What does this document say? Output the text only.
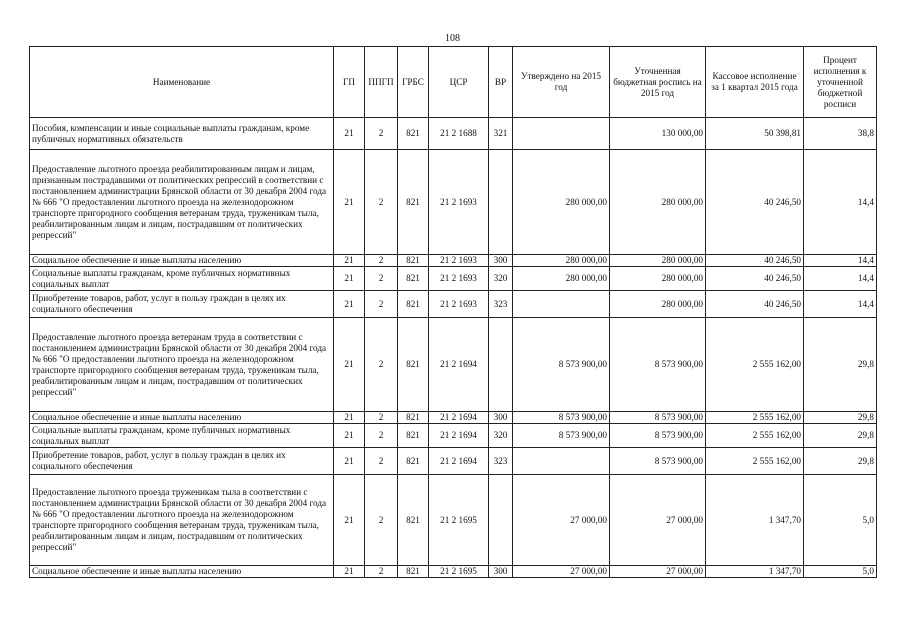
108
Наименование	ГП	ППГП	ГРБС	ЦСР	ВР	Утверждено на 2015 год	Уточненная бюджетная роспись на 2015 год	Кассовое исполнение за 1 квартал 2015 года	Процент исполнения к уточненной бюджетной росписи
Пособия, компенсации и иные социальные выплаты гражданам, кроме публичных нормативных обязательств	21	2	821	21 2 1688	321		130 000,00	50 398,81	38,8
Предоставление льготного проезда реабилитированным лицам и лицам, признанным пострадавшими от политических репрессий в соответствии с постановлением администрации Брянской области от 30 декабря 2004 года № 666 "О предоставлении льготного проезда на железнодорожном транспорте пригородного сообщения ветеранам труда, труженикам тыла, реабилитированным лицам и лицам, пострадавшим от политических репрессий"	21	2	821	21 2 1693		280 000,00	280 000,00	40 246,50	14,4
Социальное обеспечение и иные выплаты населению	21	2	821	21 2 1693	300	280 000,00	280 000,00	40 246,50	14,4
Социальные выплаты гражданам, кроме публичных нормативных социальных выплат	21	2	821	21 2 1693	320	280 000,00	280 000,00	40 246,50	14,4
Приобретение товаров, работ, услуг в пользу граждан в целях их социального обеспечения	21	2	821	21 2 1693	323		280 000,00	40 246,50	14,4
Предоставление льготного проезда ветеранам труда в соответствии с постановлением администрации Брянской области от 30 декабря 2004 года № 666 "О предоставлении льготного проезда на железнодорожном транспорте пригородного сообщения ветеранам труда, труженикам тыла, реабилитированным лицам и лицам, пострадавшим от политических репрессий"	21	2	821	21 2 1694		8 573 900,00	8 573 900,00	2 555 162,00	29,8
Социальное обеспечение и иные выплаты населению	21	2	821	21 2 1694	300	8 573 900,00	8 573 900,00	2 555 162,00	29,8
Социальные выплаты гражданам, кроме публичных нормативных социальных выплат	21	2	821	21 2 1694	320	8 573 900,00	8 573 900,00	2 555 162,00	29,8
Приобретение товаров, работ, услуг в пользу граждан в целях их социального обеспечения	21	2	821	21 2 1694	323		8 573 900,00	2 555 162,00	29,8
Предоставление льготного проезда труженикам тыла в соответствии с постановлением администрации Брянской области от 30 декабря 2004 года № 666 "О предоставлении льготного проезда на железнодорожном транспорте пригородного сообщения ветеранам труда, труженикам тыла, реабилитированным лицам и лицам, пострадавшим от политических репрессий"	21	2	821	21 2 1695		27 000,00	27 000,00	1 347,70	5,0
Социальное обеспечение и иные выплаты населению	21	2	821	21 2 1695	300	27 000,00	27 000,00	1 347,70	5,0
